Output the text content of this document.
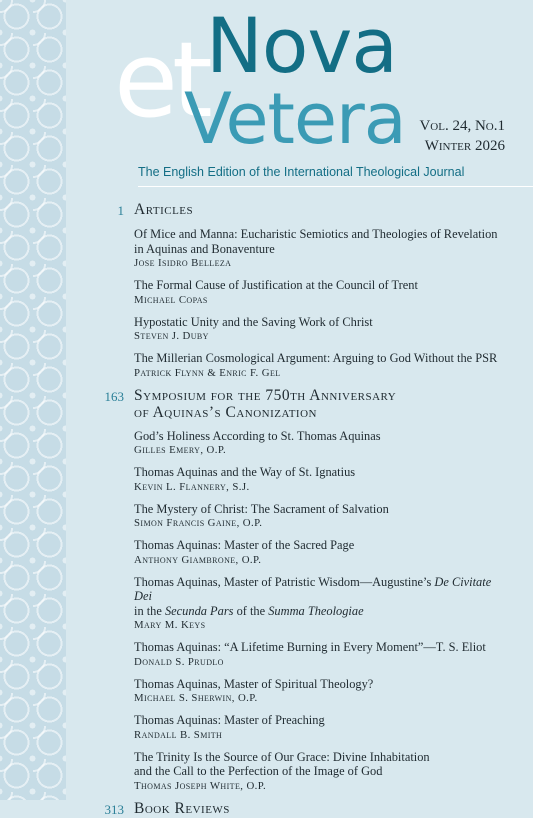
et Nova

Vetera Vol. 24, No.1

Winter 2026

The English Edition of the International Theological Journal

1 Articles

Of Mice and Manna: Eucharistic Semiotics and Theologies of Revelation
in Aquinas and Bonaventure

Jose Isidro Belleza

The Formal Cause of Justification at the Council of Trent

Michael Copas

Hypostatic Unity and the Saving Work of Christ

Steven J. Duby

The Millerian Cosmological Argument: Arguing to God Without the PSR

Patrick Flynn & Enric F. Gel

163 Symposium for the 750th Anniversary
of Aquinas’s Canonization

God’s Holiness According to St. Thomas Aquinas

Gilles Emery, O.P.

Thomas Aquinas and the Way of St. Ignatius

Kevin L. Flannery, S.J.

The Mystery of Christ: The Sacrament of Salvation

Simon Francis Gaine, O.P.

Thomas Aquinas: Master of the Sacred Page

Anthony Giambrone, O.P.

Thomas Aquinas, Master of Patristic Wisdom—Augustine’s De Civitate Dei
in the Secunda Pars of the Summa Theologiae

Mary M. Keys

Thomas Aquinas: “A Lifetime Burning in Every Moment”—T. S. Eliot

Donald S. Prudlo

Thomas Aquinas, Master of Spiritual Theology?

Michael S. Sherwin, O.P.

Thomas Aquinas: Master of Preaching

Randall B. Smith

The Trinity Is the Source of Our Grace: Divine Inhabitation
and the Call to the Perfection of the Image of God

Thomas Joseph White, O.P.

313 Book Reviews
